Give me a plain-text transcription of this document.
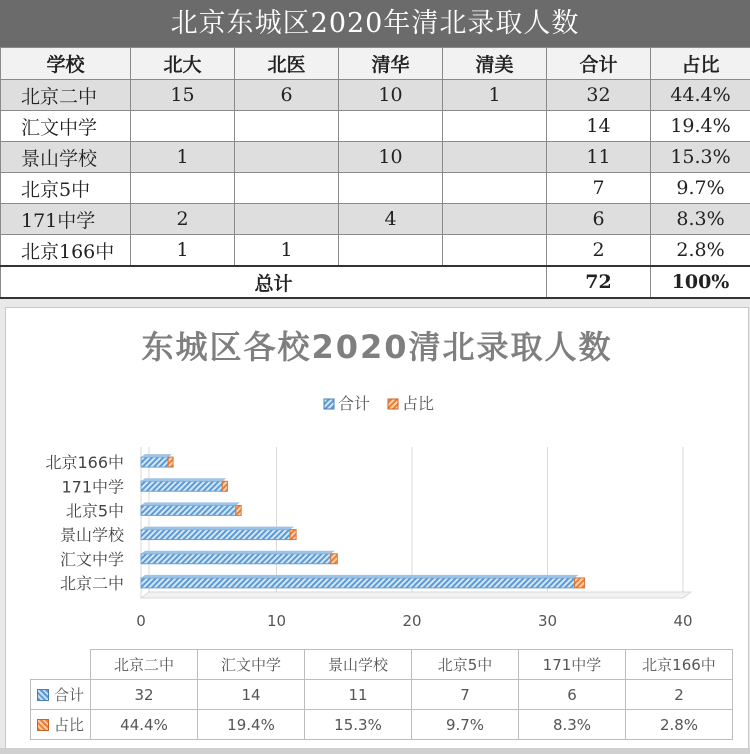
北京东城区2020年清北录取人数
学校	北大	北医	清华	清美	合计	占比
北京二中	15	6	10	1	32	44.4%
汇文中学					14	19.4%
景山学校	1		10		11	15.3%
北京5中					7	9.7%
171中学	2		4		6	8.3%
北京166中	1	1			2	2.8%
总计					72	100%
东城区各校2020清北录取人数
合计 占比
0	10	20	30	40
北京二中
汇文中学
景山学校
北京5中
171中学
北京166中
	北京二中	汇文中学	景山学校	北京5中	171中学	北京166中
合计	32	14	11	7	6	2
占比	44.4%	19.4%	15.3%	9.7%	8.3%	2.8%
